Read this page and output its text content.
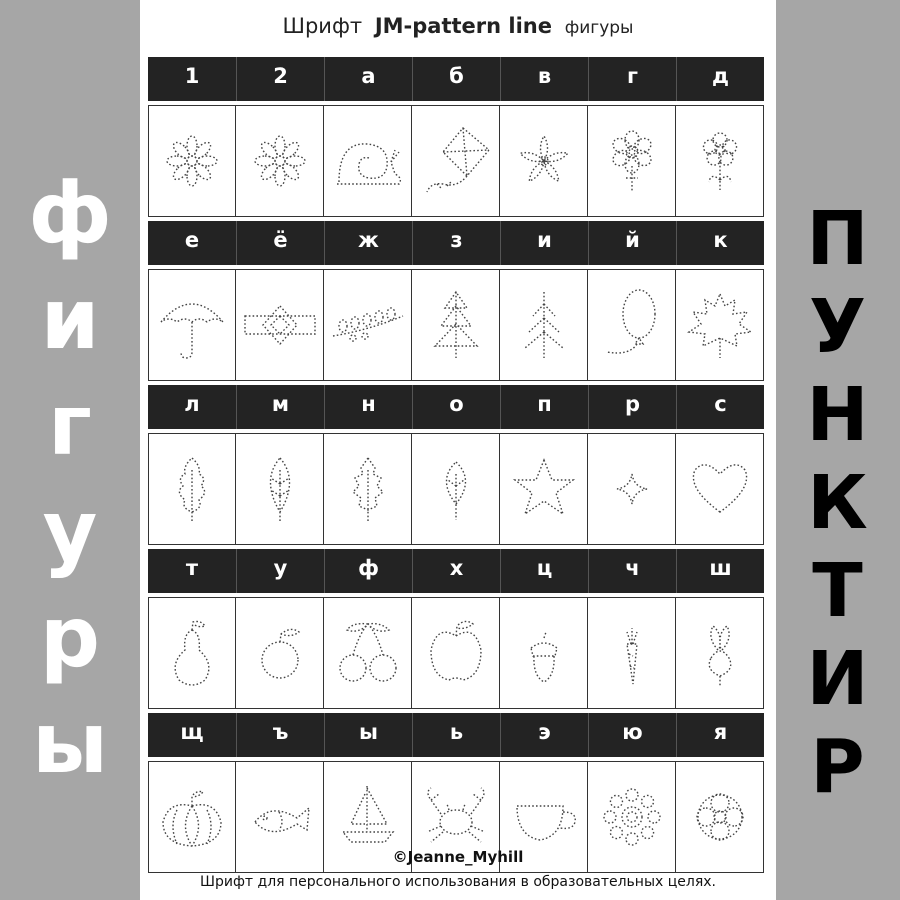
ф
и
г
у
р
ы
П
У
Н
К
Т
И
Р
Шрифт JM-pattern line фигуры
1	2	а	б	в	г	д
е	ё	ж	з	и	й	к
л	м	н	о	п	р	с
т	у	ф	х	ц	ч	ш
щ	ъ	ы	ь	э	ю	я
©Jeanne_Myhill
Шрифт для персонального использования в образовательных целях.
